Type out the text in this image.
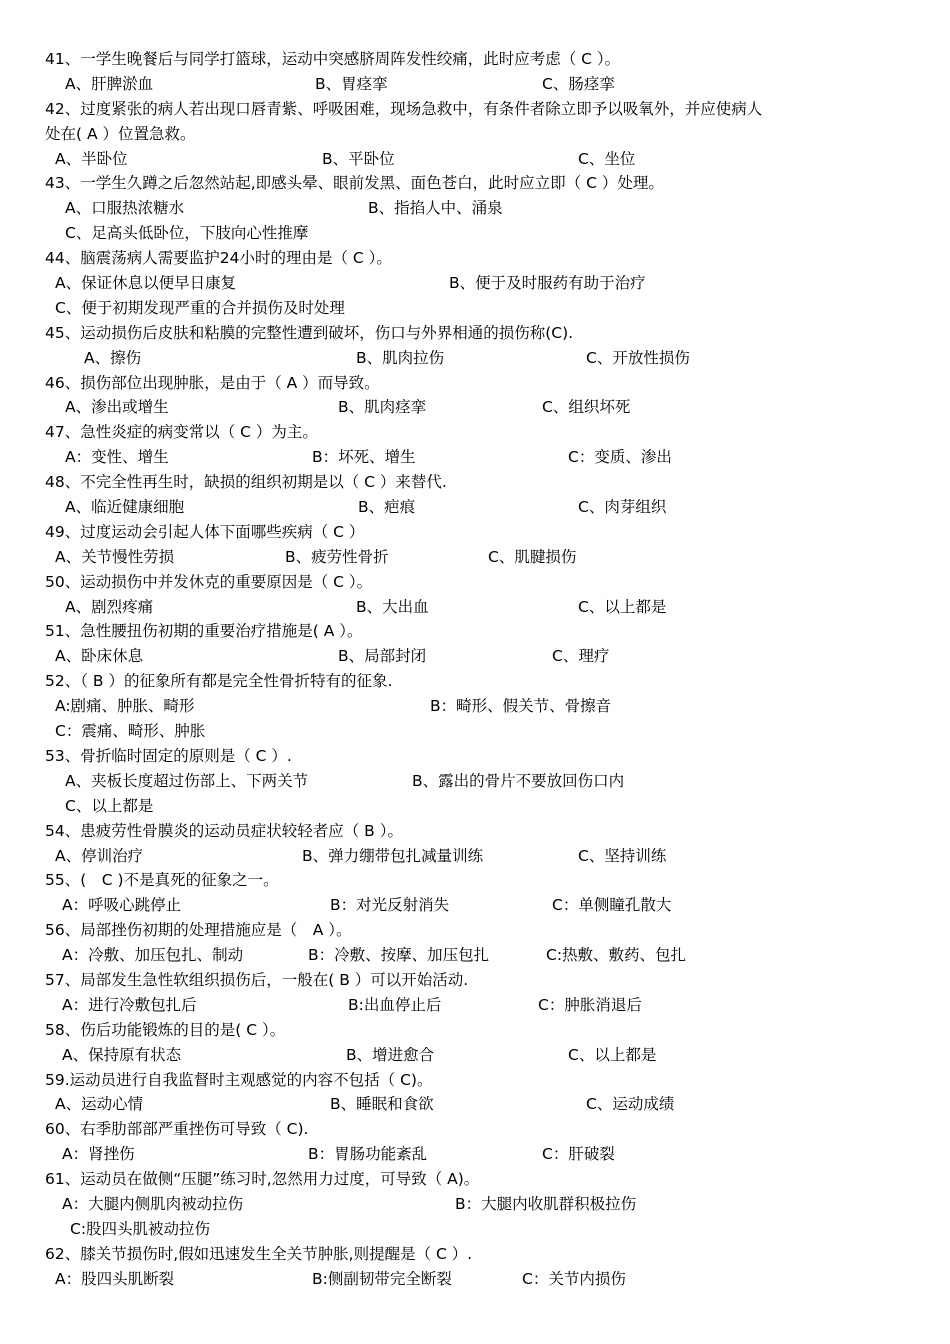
41、一学生晚餐后与同学打篮球，运动中突感脐周阵发性绞痛，此时应考虑（ C ）。
A、肝脾淤血	B、胃痉挛	C、肠痉挛
42、过度紧张的病人若出现口唇青紫、呼吸困难，现场急救中，有条件者除立即予以吸氧外，并应使病人
处在( A ）位置急救。
A、半卧位	B、平卧位	C、坐位
43、一学生久蹲之后忽然站起,即感头晕、眼前发黑、面色苍白，此时应立即（ C ）处理。
A、口服热浓糖水	B、指掐人中、涌泉
C、足高头低卧位，下肢向心性推摩
44、脑震荡病人需要监护24小时的理由是（ C ）。
A、保证休息以便早日康复	B、便于及时服药有助于治疗
C、便于初期发现严重的合并损伤及时处理
45、运动损伤后皮肤和粘膜的完整性遭到破坏，伤口与外界相通的损伤称(C).
A、擦伤	B、肌肉拉伤	C、开放性损伤
46、损伤部位出现肿胀，是由于（ A ）而导致。
A、渗出或增生	B、肌肉痉挛	C、组织坏死
47、急性炎症的病变常以（ C ）为主。
A：变性、增生	B：坏死、增生	C：变质、渗出
48、不完全性再生时，缺损的组织初期是以（ C ）来替代.
A、临近健康细胞	B、疤痕	C、肉芽组织
49、过度运动会引起人体下面哪些疾病（ C ）
A、关节慢性劳损	B、疲劳性骨折	C、肌腱损伤
50、运动损伤中并发休克的重要原因是（ C ）。
A、剧烈疼痛	B、大出血	C、以上都是
51、急性腰扭伤初期的重要治疗措施是( A ）。
A、卧床休息	B、局部封闭	C、理疗
52、（ B ）的征象所有都是完全性骨折特有的征象.
A:剧痛、肿胀、畸形	B：畸形、假关节、骨擦音
C：震痛、畸形、肿胀
53、骨折临时固定的原则是（ C ）.
A、夹板长度超过伤部上、下两关节	B、露出的骨片不要放回伤口内
C、以上都是
54、患疲劳性骨膜炎的运动员症状较轻者应（ B ）。
A、停训治疗	B、弹力绷带包扎减量训练	C、坚持训练
55、(　C )不是真死的征象之一。
A：呼吸心跳停止	B：对光反射消失	C：单侧瞳孔散大
56、局部挫伤初期的处理措施应是（　A ）。
A：冷敷、加压包扎、制动	B：冷敷、按摩、加压包扎	C:热敷、敷药、包扎
57、局部发生急性软组织损伤后，一般在( B ）可以开始活动.
A：进行冷敷包扎后	B:出血停止后	C：肿胀消退后
58、伤后功能锻炼的目的是( C ）。
A、保持原有状态	B、增进愈合	C、以上都是
59.运动员进行自我监督时主观感觉的内容不包括（ C)。
A、运动心情	B、睡眠和食欲	C、运动成绩
60、右季肋部部严重挫伤可导致（ C).
A：肾挫伤	B：胃肠功能紊乱	C：肝破裂
61、运动员在做侧“压腿”练习时,忽然用力过度，可导致（ A)。
A：大腿内侧肌肉被动拉伤	B：大腿内收肌群积极拉伤
C:股四头肌被动拉伤
62、膝关节损伤时,假如迅速发生全关节肿胀,则提醒是（ C ）.
A：股四头肌断裂	B:侧副韧带完全断裂	C：关节内损伤
